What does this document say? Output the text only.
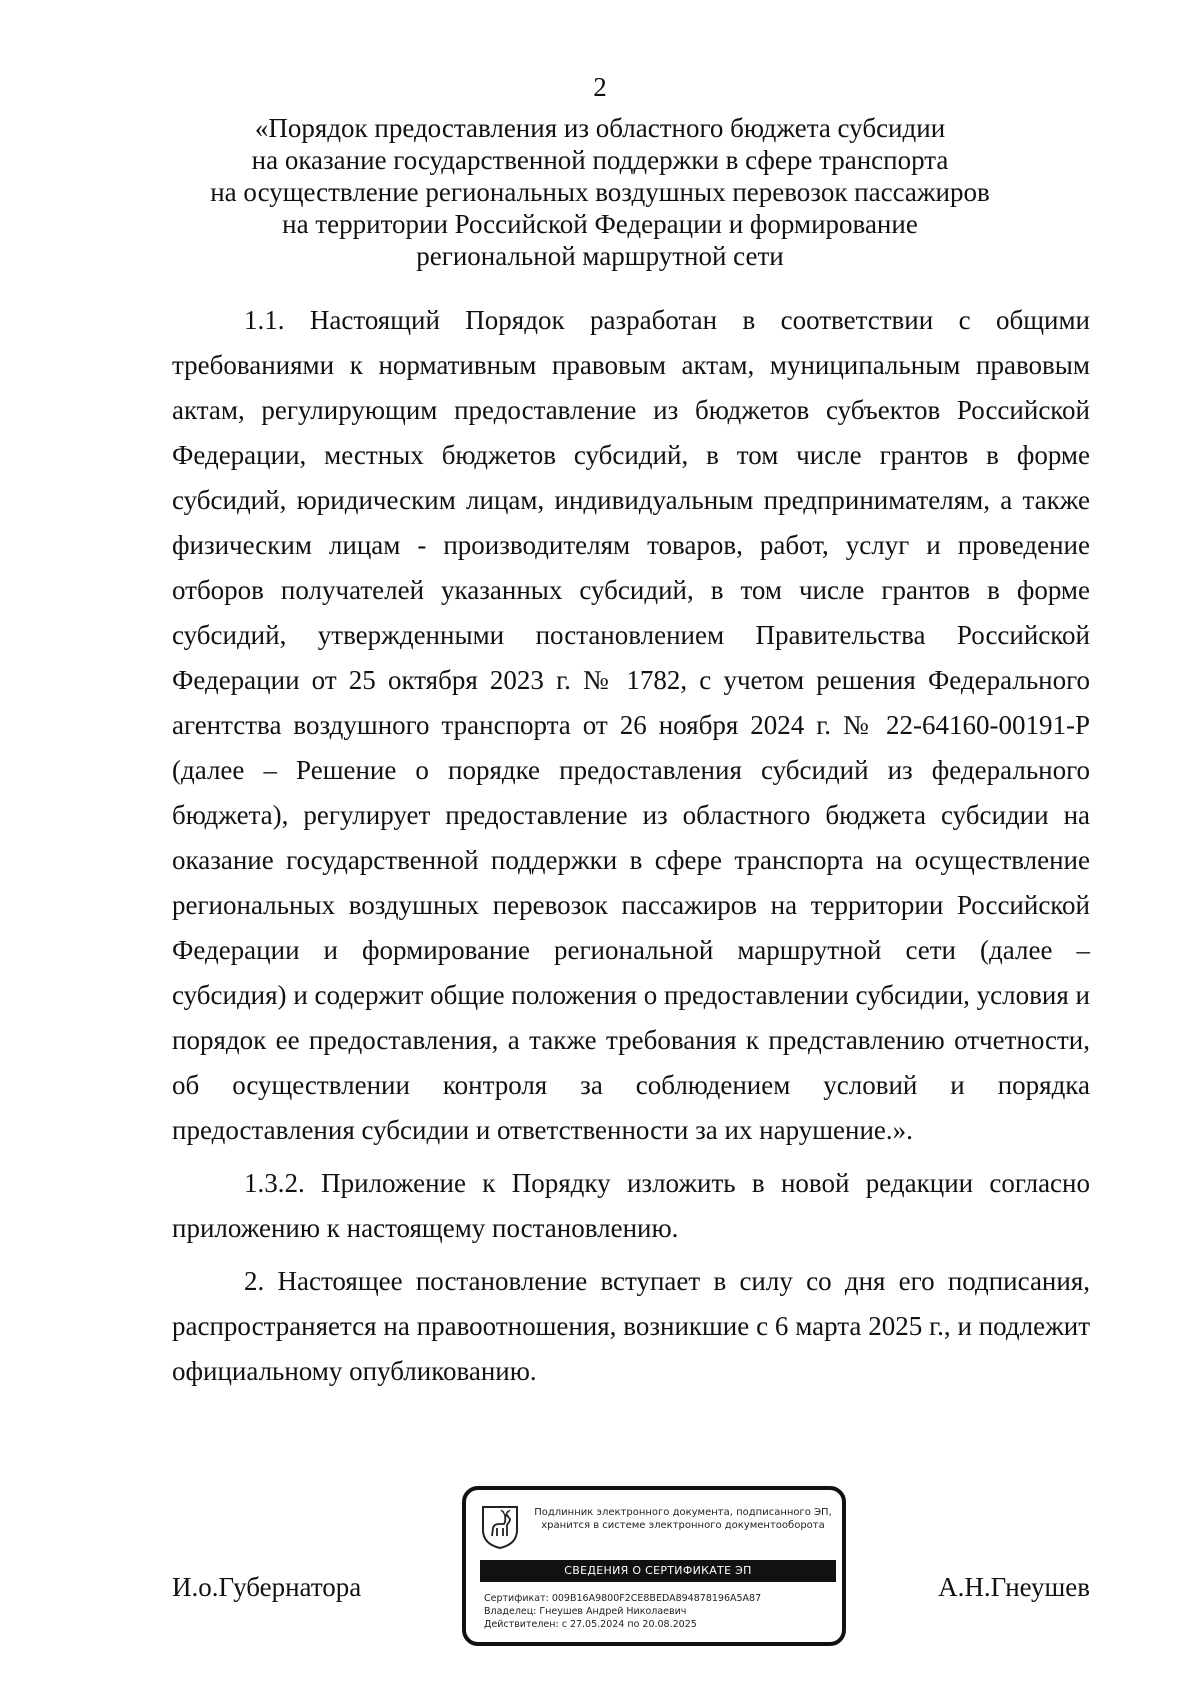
2
«Порядок предоставления из областного бюджета субсидии
на оказание государственной поддержки в сфере транспорта
на осуществление региональных воздушных перевозок пассажиров
на территории Российской Федерации и формирование
региональной маршрутной сети

1.1. Настоящий Порядок разработан в соответствии с общими требованиями к нормативным правовым актам, муниципальным правовым актам, регулирующим предоставление из бюджетов субъектов Российской Федерации, местных бюджетов субсидий, в том числе грантов в форме субсидий, юридическим лицам, индивидуальным предпринимателям, а также физическим лицам - производителям товаров, работ, услуг и проведение отборов получателей указанных субсидий, в том числе грантов в форме субсидий, утвержденными постановлением Правительства Российской Федерации от 25 октября 2023 г. № 1782, с учетом решения Федерального агентства воздушного транспорта от 26 ноября 2024 г. № 22-64160-00191-Р (далее – Решение о порядке предоставления субсидий из федерального бюджета), регулирует предоставление из областного бюджета субсидии на оказание государственной поддержки в сфере транспорта на осуществление региональных воздушных перевозок пассажиров на территории Российской Федерации и формирование региональной маршрутной сети (далее – субсидия) и содержит общие положения о предоставлении субсидии, условия и порядок ее предоставления, а также требования к представлению отчетности, об осуществлении контроля за соблюдением условий и порядка предоставления субсидии и ответственности за их нарушение.».

1.3.2. Приложение к Порядку изложить в новой редакции согласно приложению к настоящему постановлению.

2. Настоящее постановление вступает в силу со дня его подписания, распространяется на правоотношения, возникшие с 6 марта 2025 г., и подлежит официальному опубликованию.

И.о.Губернатора	А.Н.Гнеушев
Подлинник электронного документа, подписанного ЭП,
хранится в системе электронного документооборота
СВЕДЕНИЯ О СЕРТИФИКАТЕ ЭП
Сертификат: 009B16A9800F2CE8BEDA894878196A5A87
Владелец: Гнеушев Андрей Николаевич
Действителен: с 27.05.2024 по 20.08.2025
